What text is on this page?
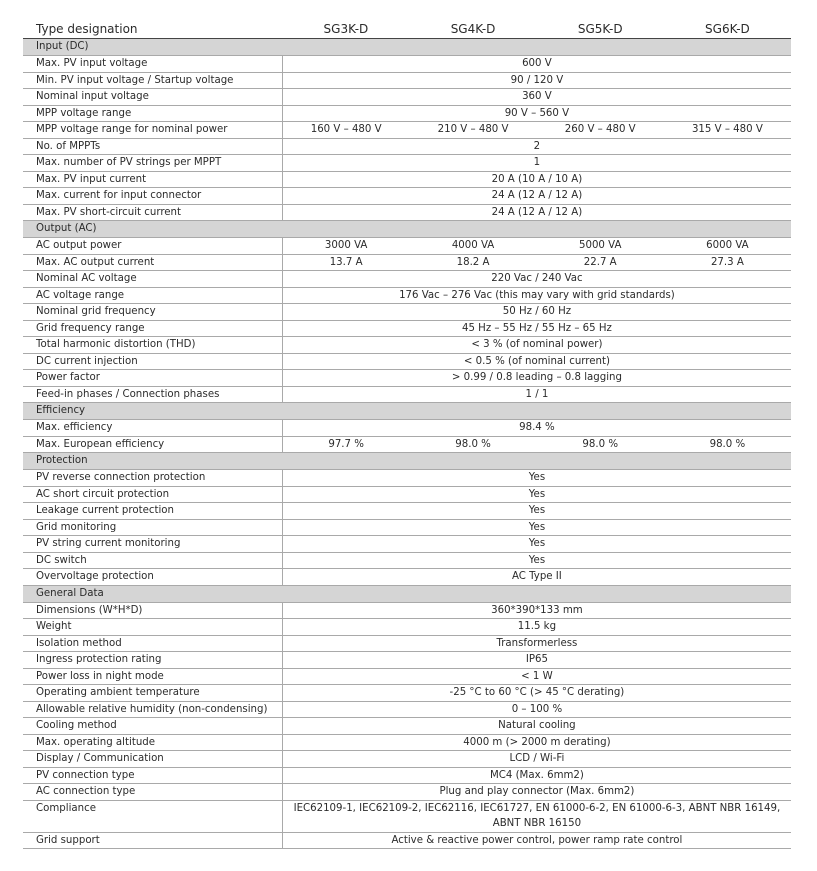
Type designation	SG3K-D	SG4K-D	SG5K-D	SG6K-D
Input (DC)				
Max. PV input voltage	600 V			
Min. PV input voltage / Startup voltage	90 / 120 V			
Nominal input voltage	360 V			
MPP voltage range	90 V – 560 V			
MPP voltage range for nominal power	160 V – 480 V	210 V – 480 V	260 V – 480 V	315 V – 480 V
No. of MPPTs	2			
Max. number of PV strings per MPPT	1			
Max. PV input current	20 A (10 A / 10 A)			
Max. current for input connector	24 A (12 A / 12 A)			
Max. PV short-circuit current	24 A (12 A / 12 A)			
Output (AC)				
AC output power	3000 VA	4000 VA	5000 VA	6000 VA
Max. AC output current	13.7 A	18.2 A	22.7 A	27.3 A
Nominal AC voltage	220 Vac / 240 Vac			
AC voltage range	176 Vac – 276 Vac (this may vary with grid standards)			
Nominal grid frequency	50 Hz / 60 Hz			
Grid frequency range	45 Hz – 55 Hz / 55 Hz – 65 Hz			
Total harmonic distortion (THD)	< 3 % (of nominal power)			
DC current injection	< 0.5 % (of nominal current)			
Power factor	> 0.99 / 0.8 leading – 0.8 lagging			
Feed-in phases / Connection phases	1 / 1			
Efficiency				
Max. efficiency	98.4 %			
Max. European efficiency	97.7 %	98.0 %	98.0 %	98.0 %
Protection				
PV reverse connection protection	Yes			
AC short circuit protection	Yes			
Leakage current protection	Yes			
Grid monitoring	Yes			
PV string current monitoring	Yes			
DC switch	Yes			
Overvoltage protection	AC Type II			
General Data				
Dimensions (W*H*D)	360*390*133 mm			
Weight	11.5 kg			
Isolation method	Transformerless			
Ingress protection rating	IP65			
Power loss in night mode	< 1 W			
Operating ambient temperature	-25 °C to 60 °C (> 45 °C derating)			
Allowable relative humidity (non-condensing)	0 – 100 %			
Cooling method	Natural cooling			
Max. operating altitude	4000 m (> 2000 m derating)			
Display / Communication	LCD / Wi-Fi			
PV connection type	MC4 (Max. 6mm2)			
AC connection type	Plug and play connector (Max. 6mm2)			
Compliance	IEC62109-1, IEC62109-2, IEC62116, IEC61727, EN 61000-6-2, EN 61000-6-3, ABNT NBR 16149, ABNT NBR 16150			
Grid support	Active & reactive power control, power ramp rate control			
